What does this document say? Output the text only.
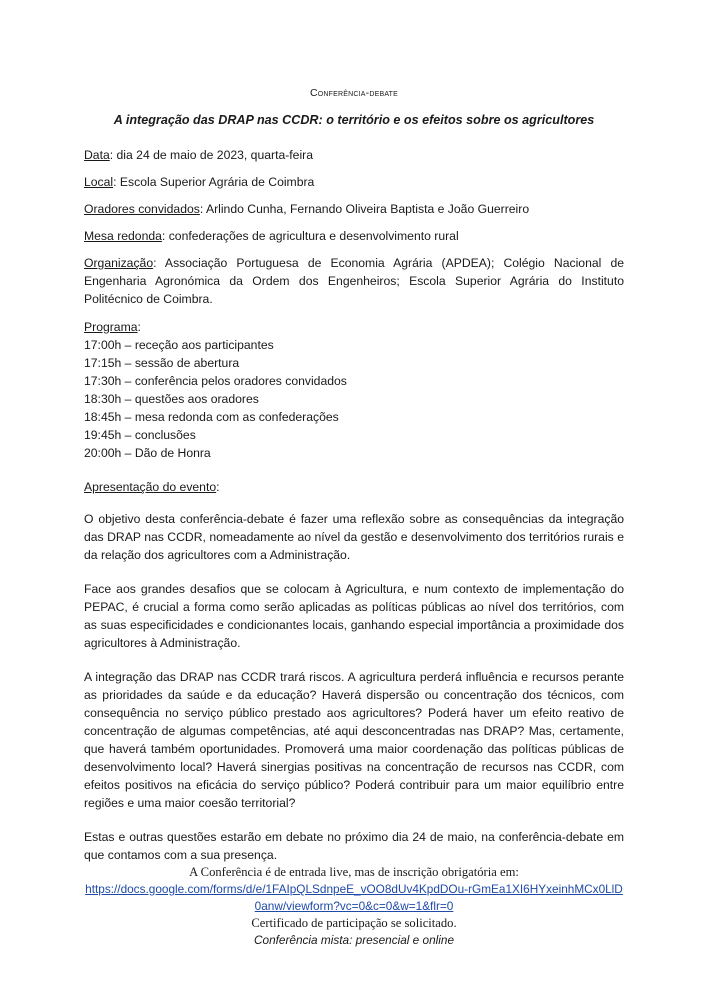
Conferência-debate
A integração das DRAP nas CCDR: o território e os efeitos sobre os agricultores
Data: dia 24 de maio de 2023, quarta-feira
Local: Escola Superior Agrária de Coimbra
Oradores convidados: Arlindo Cunha, Fernando Oliveira Baptista e João Guerreiro
Mesa redonda: confederações de agricultura e desenvolvimento rural
Organização: Associação Portuguesa de Economia Agrária (APDEA); Colégio Nacional de Engenharia Agronómica da Ordem dos Engenheiros; Escola Superior Agrária do Instituto Politécnico de Coimbra.
Programa:
17:00h – receção aos participantes
17:15h – sessão de abertura
17:30h – conferência pelos oradores convidados
18:30h – questões aos oradores
18:45h – mesa redonda com as confederações
19:45h – conclusões
20:00h – Dão de Honra
Apresentação do evento:

O objetivo desta conferência-debate é fazer uma reflexão sobre as consequências da integração das DRAP nas CCDR, nomeadamente ao nível da gestão e desenvolvimento dos territórios rurais e da relação dos agricultores com a Administração.

Face aos grandes desafios que se colocam à Agricultura, e num contexto de implementação do PEPAC, é crucial a forma como serão aplicadas as políticas públicas ao nível dos territórios, com as suas especificidades e condicionantes locais, ganhando especial importância a proximidade dos agricultores à Administração.

A integração das DRAP nas CCDR trará riscos. A agricultura perderá influência e recursos perante as prioridades da saúde e da educação? Haverá dispersão ou concentração dos técnicos, com consequência no serviço público prestado aos agricultores? Poderá haver um efeito reativo de concentração de algumas competências, até aqui desconcentradas nas DRAP? Mas, certamente, que haverá também oportunidades. Promoverá uma maior coordenação das políticas públicas de desenvolvimento local? Haverá sinergias positivas na concentração de recursos nas CCDR, com efeitos positivos na eficácia do serviço público? Poderá contribuir para um maior equilíbrio entre regiões e uma maior coesão territorial?

Estas e outras questões estarão em debate no próximo dia 24 de maio, na conferência-debate em que contamos com a sua presença.

A Conferência é de entrada live, mas de inscrição obrigatória em:
https://docs.google.com/forms/d/e/1FAIpQLSdnpeE_vOO8dUv4KpdDOu-rGmEa1XI6HYxeinhMCx0LlD0anw/viewform?vc=0&c=0&w=1&flr=0
Certificado de participação se solicitado.
Conferência mista: presencial e online
